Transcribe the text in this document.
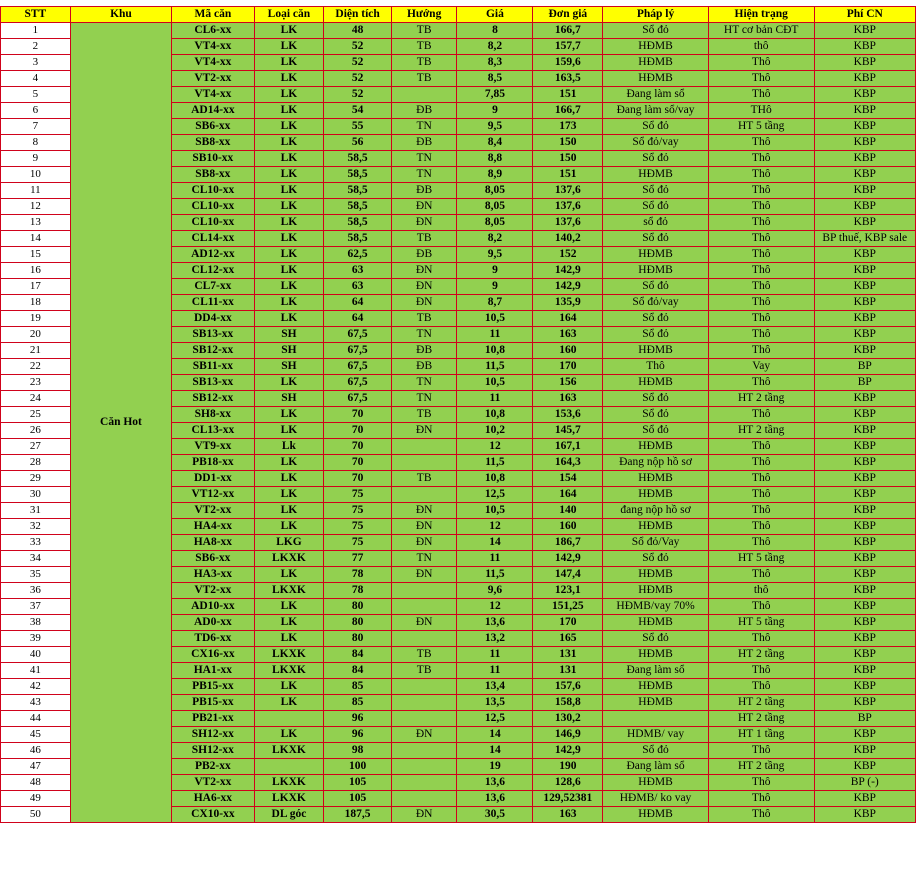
STT	Khu	Mã căn	Loại căn	Diện tích	Hướng	Giá	Đơn giá	Pháp lý	Hiện trạng	Phí CN
1	Căn Hot	CL6-xx	LK	48	TB	8	166,7	Sổ đỏ	HT cơ bản CĐT	KBP
2		VT4-xx	LK	52	TB	8,2	157,7	HĐMB	thô	KBP
3		VT4-xx	LK	52	TB	8,3	159,6	HĐMB	Thô	KBP
4		VT2-xx	LK	52	TB	8,5	163,5	HĐMB	Thô	KBP
5		VT4-xx	LK	52		7,85	151	Đang làm sổ	Thô	KBP
6		AD14-xx	LK	54	ĐB	9	166,7	Đang làm sổ/vay	THô	KBP
7		SB6-xx	LK	55	TN	9,5	173	Sổ đỏ	HT 5 tầng	KBP
8		SB8-xx	LK	56	ĐB	8,4	150	Sổ đỏ/vay	Thô	KBP
9		SB10-xx	LK	58,5	TN	8,8	150	Sổ đỏ	Thô	KBP
10		SB8-xx	LK	58,5	TN	8,9	151	HĐMB	Thô	KBP
11		CL10-xx	LK	58,5	ĐB	8,05	137,6	Sổ đỏ	Thô	KBP
12		CL10-xx	LK	58,5	ĐN	8,05	137,6	Sổ đỏ	Thô	KBP
13		CL10-xx	LK	58,5	ĐN	8,05	137,6	sổ đỏ	Thô	KBP
14		CL14-xx	LK	58,5	TB	8,2	140,2	Sổ đỏ	Thô	BP thuế, KBP sale
15		AD12-xx	LK	62,5	ĐB	9,5	152	HĐMB	Thô	KBP
16		CL12-xx	LK	63	ĐN	9	142,9	HĐMB	Thô	KBP
17		CL7-xx	LK	63	ĐN	9	142,9	Sổ đỏ	Thô	KBP
18		CL11-xx	LK	64	ĐN	8,7	135,9	Sổ đỏ/vay	Thô	KBP
19		DD4-xx	LK	64	TB	10,5	164	Sổ đỏ	Thô	KBP
20		SB13-xx	SH	67,5	TN	11	163	Sổ đỏ	Thô	KBP
21		SB12-xx	SH	67,5	ĐB	10,8	160	HĐMB	Thô	KBP
22		SB11-xx	SH	67,5	ĐB	11,5	170	Thô	Vay	BP
23		SB13-xx	LK	67,5	TN	10,5	156	HĐMB	Thô	BP
24		SB12-xx	SH	67,5	TN	11	163	Sổ đỏ	HT 2 tầng	KBP
25		SH8-xx	LK	70	TB	10,8	153,6	Sổ đỏ	Thô	KBP
26		CL13-xx	LK	70	ĐN	10,2	145,7	Sổ đỏ	HT 2 tầng	KBP
27		VT9-xx	Lk	70		12	167,1	HĐMB	Thô	KBP
28		PB18-xx	LK	70		11,5	164,3	Đang nộp hồ sơ	Thô	KBP
29		DD1-xx	LK	70	TB	10,8	154	HĐMB	Thô	KBP
30		VT12-xx	LK	75		12,5	164	HĐMB	Thô	KBP
31		VT2-xx	LK	75	ĐN	10,5	140	đang nộp hồ sơ	Thô	KBP
32		HA4-xx	LK	75	ĐN	12	160	HĐMB	Thô	KBP
33		HA8-xx	LKG	75	ĐN	14	186,7	Sổ đỏ/Vay	Thô	KBP
34		SB6-xx	LKXK	77	TN	11	142,9	Sổ đỏ	HT 5 tầng	KBP
35		HA3-xx	LK	78	ĐN	11,5	147,4	HĐMB	Thô	KBP
36		VT2-xx	LKXK	78		9,6	123,1	HĐMB	thô	KBP
37		AD10-xx	LK	80		12	151,25	HĐMB/vay 70%	Thô	KBP
38		AD0-xx	LK	80	ĐN	13,6	170	HĐMB	HT 5 tầng	KBP
39		TD6-xx	LK	80		13,2	165	Sổ đỏ	Thô	KBP
40		CX16-xx	LKXK	84	TB	11	131	HĐMB	HT 2 tầng	KBP
41		HA1-xx	LKXK	84	TB	11	131	Đang làm sổ	Thô	KBP
42		PB15-xx	LK	85		13,4	157,6	HĐMB	Thô	KBP
43		PB15-xx	LK	85		13,5	158,8	HĐMB	HT 2 tầng	KBP
44		PB21-xx		96		12,5	130,2		HT 2 tầng	BP
45		SH12-xx	LK	96	ĐN	14	146,9	HDMB/ vay	HT 1 tầng	KBP
46		SH12-xx	LKXK	98		14	142,9	Sổ đỏ	Thô	KBP
47		PB2-xx		100		19	190	Đang làm sổ	HT 2 tầng	KBP
48		VT2-xx	LKXK	105		13,6	128,6	HĐMB	Thô	BP (-)
49		HA6-xx	LKXK	105		13,6	129,52381	HĐMB/ ko vay	Thô	KBP
50		CX10-xx	DL góc	187,5	ĐN	30,5	163	HĐMB	Thô	KBP
